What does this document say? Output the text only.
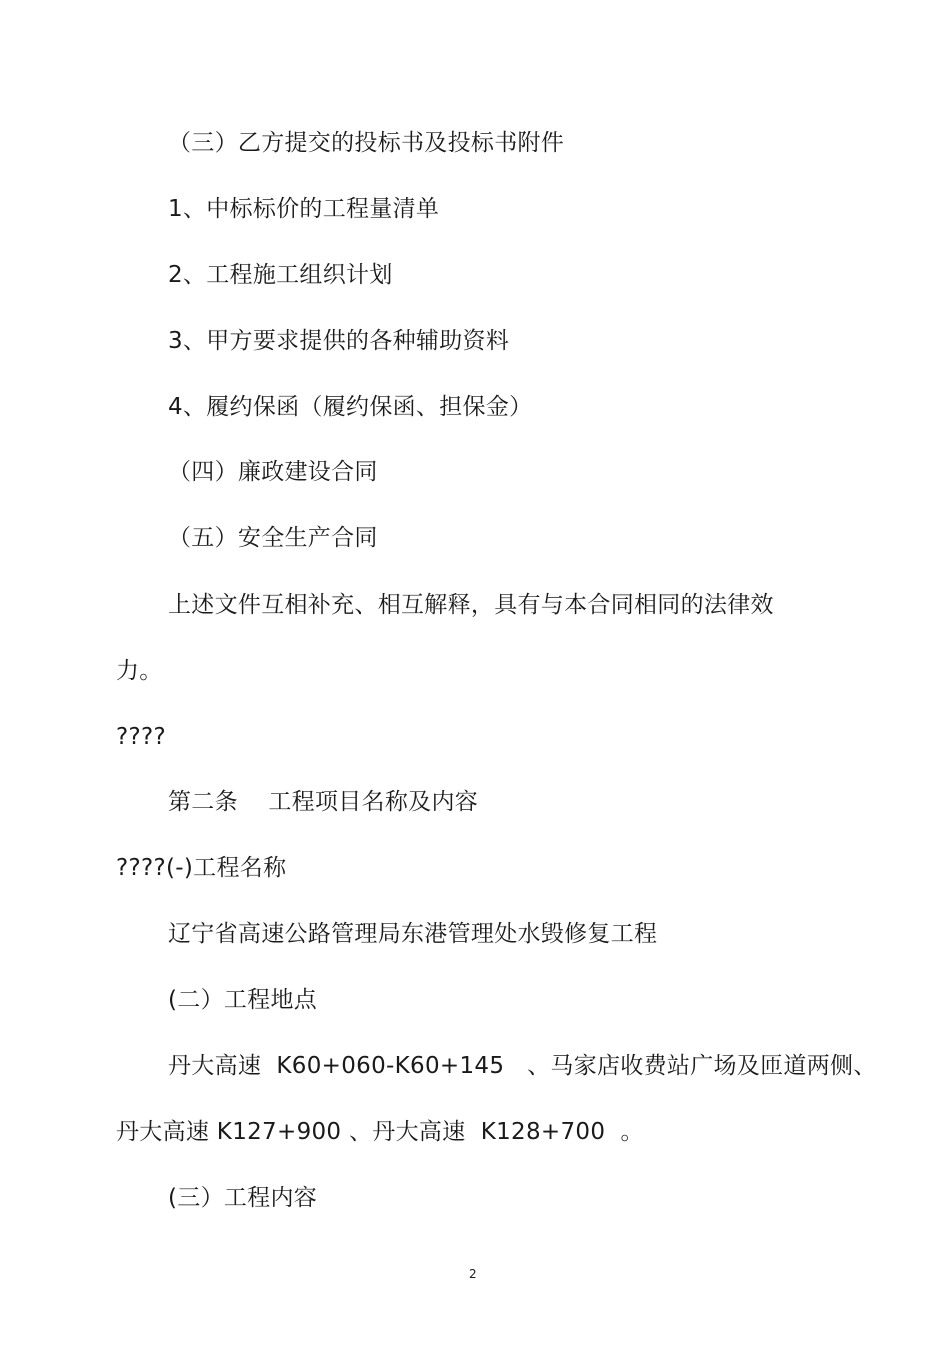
（三）乙方提交的投标书及投标书附件
1、中标标价的工程量清单
2、工程施工组织计划
3、甲方要求提供的各种辅助资料
4、履约保函（履约保函、担保金）
（四）廉政建设合同
（五）安全生产合同
上述文件互相补充、相互解释，具有与本合同相同的法律效
力。
????
第二条    工程项目名称及内容
????(-)工程名称
辽宁省高速公路管理局东港管理处水毁修复工程
(二）工程地点
丹大高速  K60+060-K60+145   、马家店收费站广场及匝道两侧、
丹大高速 K127+900 、丹大高速  K128+700  。
(三）工程内容
2
